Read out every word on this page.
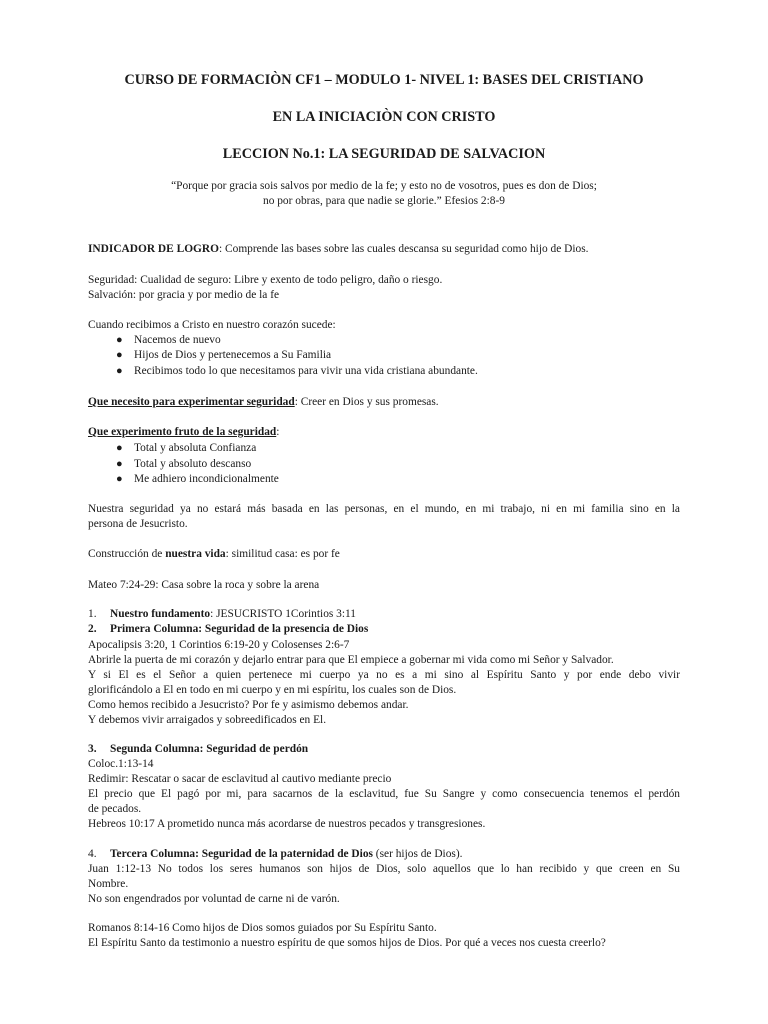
CURSO DE FORMACIÒN CF1 – MODULO 1- NIVEL 1: BASES DEL CRISTIANO
EN LA INICIACIÒN CON CRISTO
LECCION No.1: LA SEGURIDAD DE SALVACION
“Porque por gracia sois salvos por medio de la fe; y esto no de vosotros, pues es don de Dios;
no por obras, para que nadie se glorie.” Efesios 2:8-9
INDICADOR DE LOGRO: Comprende las bases sobre las cuales descansa su seguridad como hijo de Dios.
Seguridad: Cualidad de seguro: Libre y exento de todo peligro, daño o riesgo.
Salvación: por gracia y por medio de la fe
Cuando recibimos a Cristo en nuestro corazón sucede:
● Nacemos de nuevo
● Hijos de Dios y pertenecemos a Su Familia
● Recibimos todo lo que necesitamos para vivir una vida cristiana abundante.
Que necesito para experimentar seguridad: Creer en Dios y sus promesas.
Que experimento fruto de la seguridad:
● Total y absoluta Confianza
● Total y absoluto descanso
● Me adhiero incondicionalmente
Nuestra seguridad ya no estará más basada en las personas, en el mundo, en mi trabajo, ni en mi familia sino en la
persona de Jesucristo.
Construcción de nuestra vida: similitud casa: es por fe
Mateo 7:24-29: Casa sobre la roca y sobre la arena
1. Nuestro fundamento: JESUCRISTO 1Corintios 3:11
2. Primera Columna: Seguridad de la presencia de Dios
Apocalipsis 3:20, 1 Corintios 6:19-20 y Colosenses 2:6-7
Abrirle la puerta de mi corazón y dejarlo entrar para que El empiece a gobernar mi vida como mi Señor y Salvador.
Y si El es el Señor a quien pertenece mi cuerpo ya no es a mi sino al Espíritu Santo y por ende debo vivir
glorificándolo a El en todo en mi cuerpo y en mi espíritu, los cuales son de Dios.
Como hemos recibido a Jesucristo? Por fe y asimismo debemos andar.
Y debemos vivir arraigados y sobreedificados en El.
3. Segunda Columna: Seguridad de perdón
Coloc.1:13-14
Redimir: Rescatar o sacar de esclavitud al cautivo mediante precio
El precio que El pagó por mi, para sacarnos de la esclavitud, fue Su Sangre y como consecuencia tenemos el perdón
de pecados.
Hebreos 10:17 A prometido nunca más acordarse de nuestros pecados y transgresiones.
4. Tercera Columna: Seguridad de la paternidad de Dios (ser hijos de Dios).
Juan 1:12-13 No todos los seres humanos son hijos de Dios, solo aquellos que lo han recibido y que creen en Su
Nombre.
No son engendrados por voluntad de carne ni de varón.
Romanos 8:14-16 Como hijos de Dios somos guiados por Su Espíritu Santo.
El Espíritu Santo da testimonio a nuestro espíritu de que somos hijos de Dios. Por qué a veces nos cuesta creerlo?
